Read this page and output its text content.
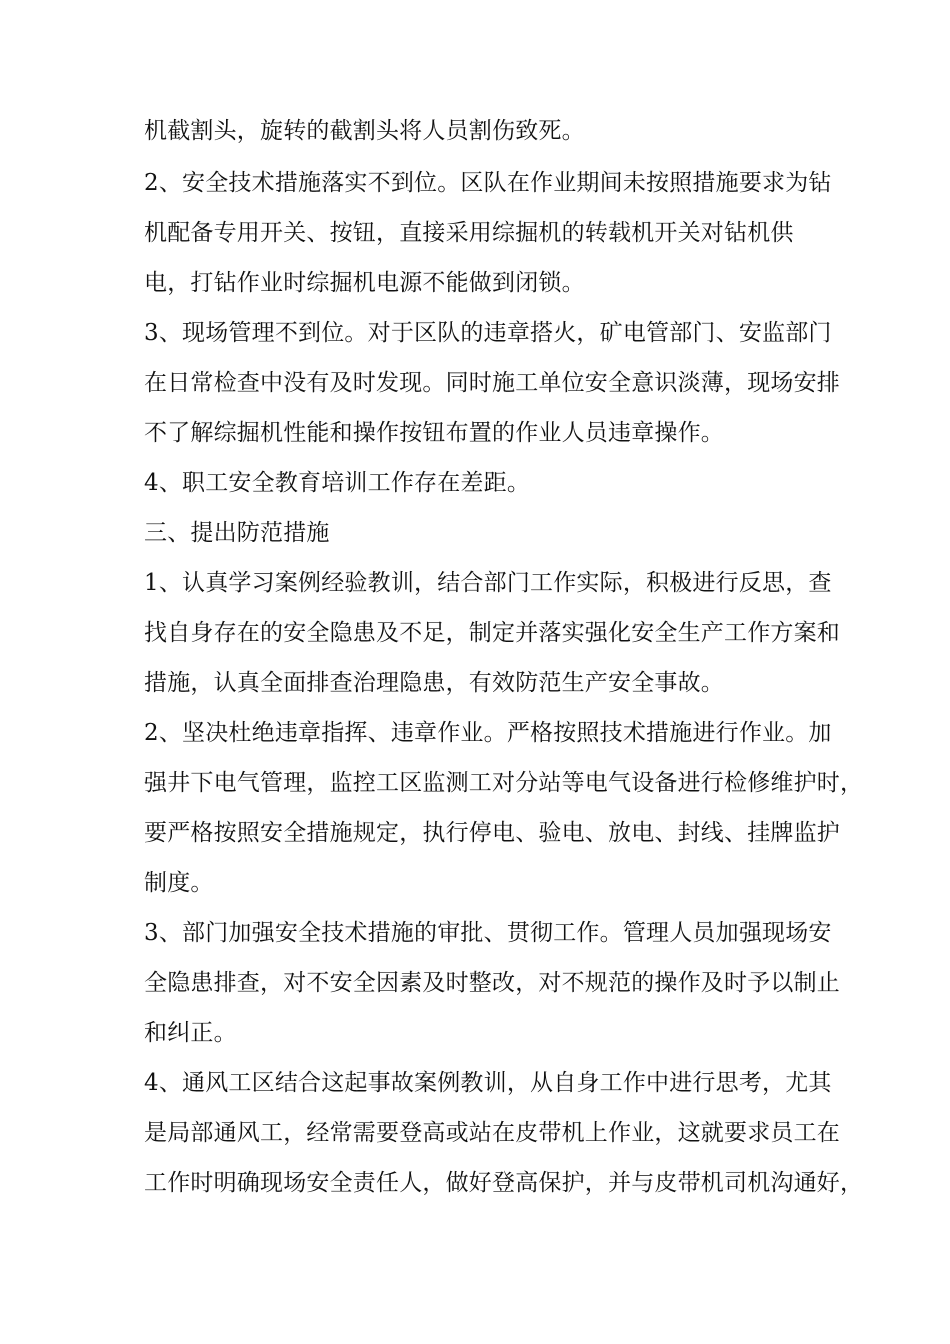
机截割头，旋转的截割头将人员割伤致死。
2、安全技术措施落实不到位。区队在作业期间未按照措施要求为钻
机配备专用开关、按钮，直接采用综掘机的转载机开关对钻机供
电，打钻作业时综掘机电源不能做到闭锁。
3、现场管理不到位。对于区队的违章搭火，矿电管部门、安监部门
在日常检查中没有及时发现。同时施工单位安全意识淡薄，现场安排
不了解综掘机性能和操作按钮布置的作业人员违章操作。
4、职工安全教育培训工作存在差距。
三、提出防范措施
1、认真学习案例经验教训，结合部门工作实际，积极进行反思，查
找自身存在的安全隐患及不足，制定并落实强化安全生产工作方案和
措施，认真全面排查治理隐患，有效防范生产安全事故。
2、坚决杜绝违章指挥、违章作业。严格按照技术措施进行作业。加
强井下电气管理，监控工区监测工对分站等电气设备进行检修维护时，
要严格按照安全措施规定，执行停电、验电、放电、封线、挂牌监护
制度。
3、部门加强安全技术措施的审批、贯彻工作。管理人员加强现场安
全隐患排查，对不安全因素及时整改，对不规范的操作及时予以制止
和纠正。
4、通风工区结合这起事故案例教训，从自身工作中进行思考，尤其
是局部通风工，经常需要登高或站在皮带机上作业，这就要求员工在
工作时明确现场安全责任人，做好登高保护，并与皮带机司机沟通好，
